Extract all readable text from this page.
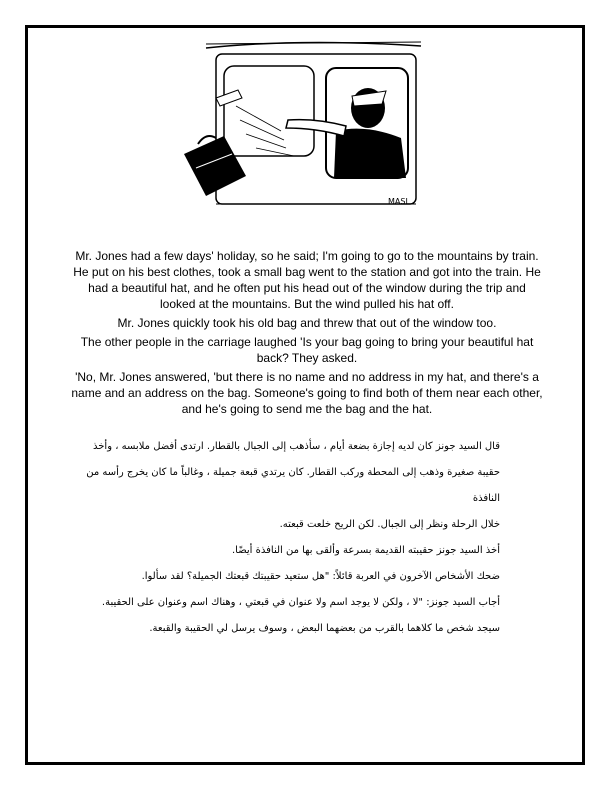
MASL

Mr. Jones had a few days' holiday, so he said; I'm going to go to the mountains by train. He put on his best clothes, took a small bag went to the station and got into the train. He had a beautiful hat, and he often put his head out of the window during the trip and looked at the mountains. But the wind pulled his hat off.

Mr. Jones quickly took his old bag and threw that out of the window too.

The other people in the carriage laughed 'Is your bag going to bring your beautiful hat back? They asked.

'No, Mr. Jones answered, 'but there is no name and no address in my hat, and there's a name and an address on the bag. Someone's going to find both of them near each other, and he's going to send me the bag and the hat.

قال السيد جونز كان لديه إجازة بضعة أيام ، سأذهب إلى الجبال بالقطار. ارتدى أفضل ملابسه ، وأخذ حقيبة صغيرة وذهب إلى المحطة وركب القطار. كان يرتدي قبعة جميلة ، وغالباً ما كان يخرج رأسه من النافذة

خلال الرحلة ونظر إلى الجبال. لكن الريح خلعت قبعته.

أخذ السيد جونز حقيبته القديمة بسرعة وألقى بها من النافذة أيضًا.

ضحك الأشخاص الآخرون في العربة قائلاً: "هل ستعيد حقيبتك قبعتك الجميلة؟ لقد سألوا.

أجاب السيد جونز: "لا ، ولكن لا يوجد اسم ولا عنوان في قبعتي ، وهناك اسم وعنوان على الحقيبة.

سيجد شخص ما كلاهما بالقرب من بعضهما البعض ، وسوف يرسل لي الحقيبة والقبعة.
